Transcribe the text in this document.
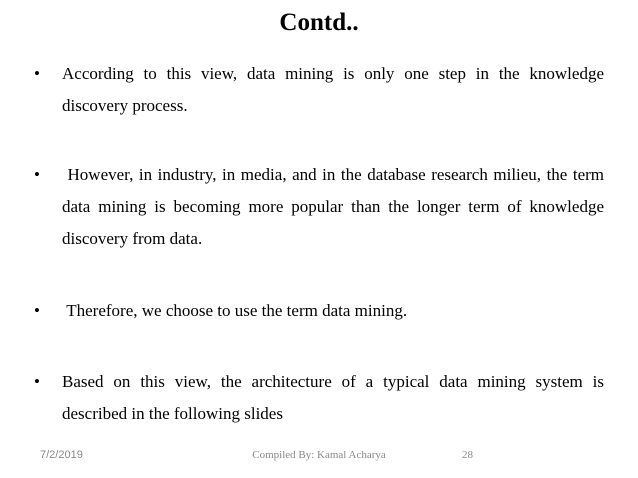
Contd..
•	According to this view, data mining is only one step in the knowledge discovery process.
•	However, in industry, in media, and in the database research milieu, the term data mining is becoming more popular than the longer term of knowledge discovery from data.
•	Therefore, we choose to use the term data mining.
•	Based on this view, the architecture of a typical data mining system is described in the following slides
7/2/2019	Compiled By: Kamal Acharya	28
